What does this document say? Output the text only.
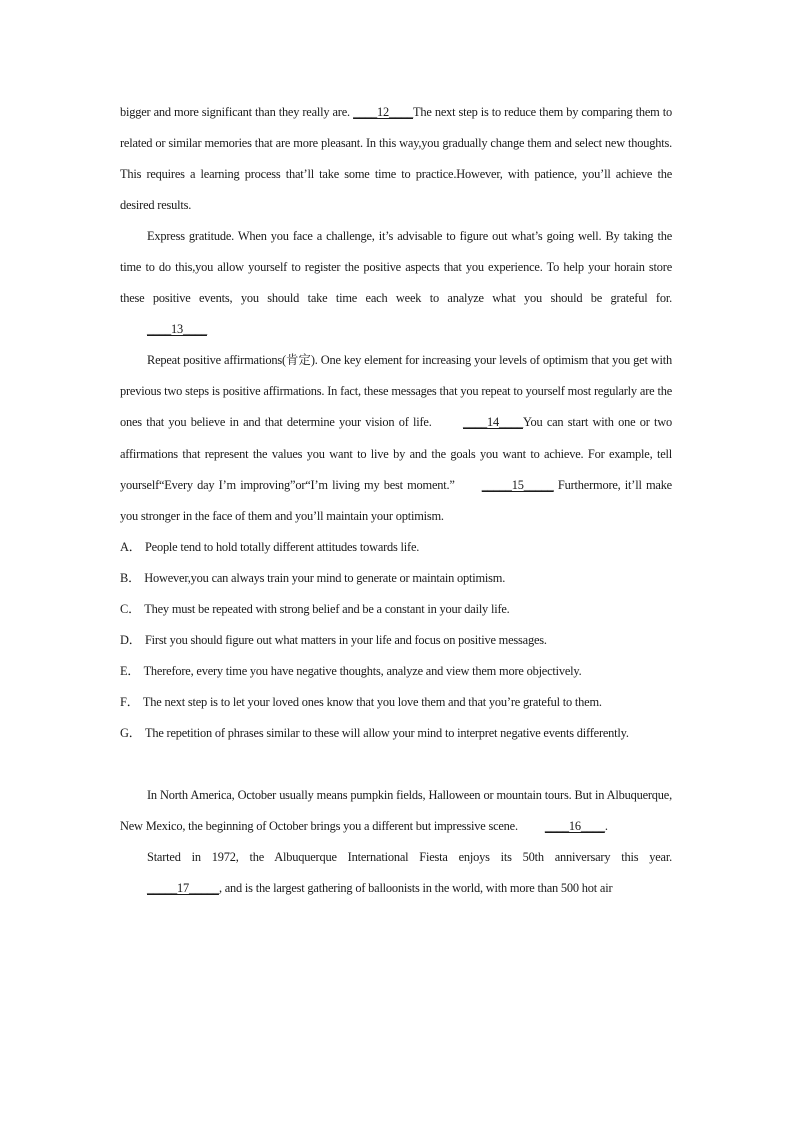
bigger and more significant than they really are. ____12____The next step is to reduce them by comparing them to related or similar memories that are more pleasant. In this way,you gradually change them and select new thoughts. This requires a learning process that’ll take some time to practice.However, with patience, you’ll achieve the desired results.

Express gratitude. When you face a challenge, it’s advisable to figure out what’s going well. By taking the time to do this,you allow yourself to register the positive aspects that you experience. To help your horain store these positive events, you should take time each week to analyze what you should be grateful for. ____13____

Repeat positive affirmations(肯定). One key element for increasing your levels of optimism that you get with previous two steps is positive affirmations. In fact, these messages that you repeat to yourself most regularly are the ones that you believe in and that determine your vision of life. ____14____You can start with one or two affirmations that represent the values you want to live by and the goals you want to achieve. For example, tell yourself“Every day I’m improving”or“I’m living my best moment.” _____15_____ Furthermore, it’ll make you stronger in the face of them and you’ll maintain your optimism.

A． People tend to hold totally different attitudes towards life.

B． However,you can always train your mind to generate or maintain optimism.

C． They must be repeated with strong belief and be a constant in your daily life.

D． First you should figure out what matters in your life and focus on positive messages.

E． Therefore, every time you have negative thoughts, analyze and view them more objectively.

F． The next step is to let your loved ones know that you love them and that you’re grateful to them.

G． The repetition of phrases similar to these will allow your mind to interpret negative events differently.

In North America, October usually means pumpkin fields, Halloween or mountain tours. But in Albuquerque, New Mexico, the beginning of October brings you a different but impressive scene. ____16____.

Started in 1972, the Albuquerque International Fiesta enjoys its 50th anniversary this year. _____17_____, and is the largest gathering of balloonists in the world, with more than 500 hot air
